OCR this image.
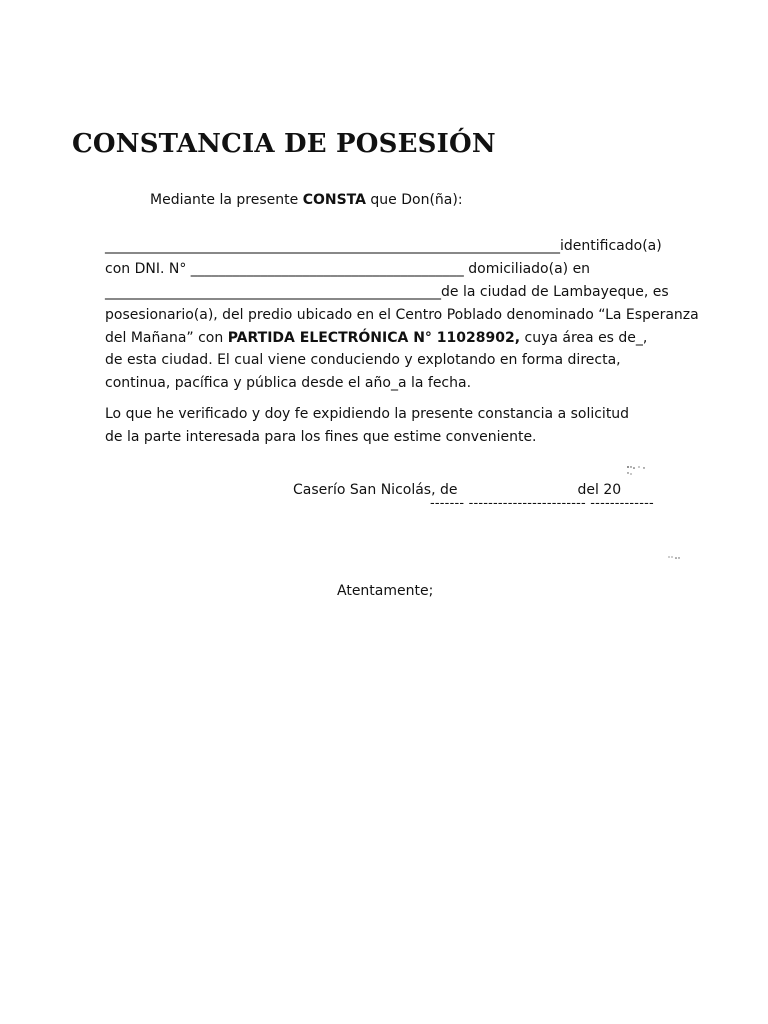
CONSTANCIA DE POSESIÓN
Mediante la presente CONSTA que Don(ña):
_________________________________________________________________identificado(a)
con DNI. N° _______________________________________ domiciliado(a) en
________________________________________________de la ciudad de Lambayeque, es
posesionario(a), del predio ubicado en el Centro Poblado denominado “La Esperanza
del Mañana” con PARTIDA ELECTRÓNICA N° 11028902, cuya área es de_,
de esta ciudad. El cual viene conduciendo y explotando en forma directa,
continua, pacífica y pública desde el año_a la fecha.
Lo que he verificado y doy fe expidiendo la presente constancia a solicitud
de la parte interesada para los fines que estime conveniente.
Caserío San Nicolás, de	del 20
------- ------------------------ -------------
Atentamente;
